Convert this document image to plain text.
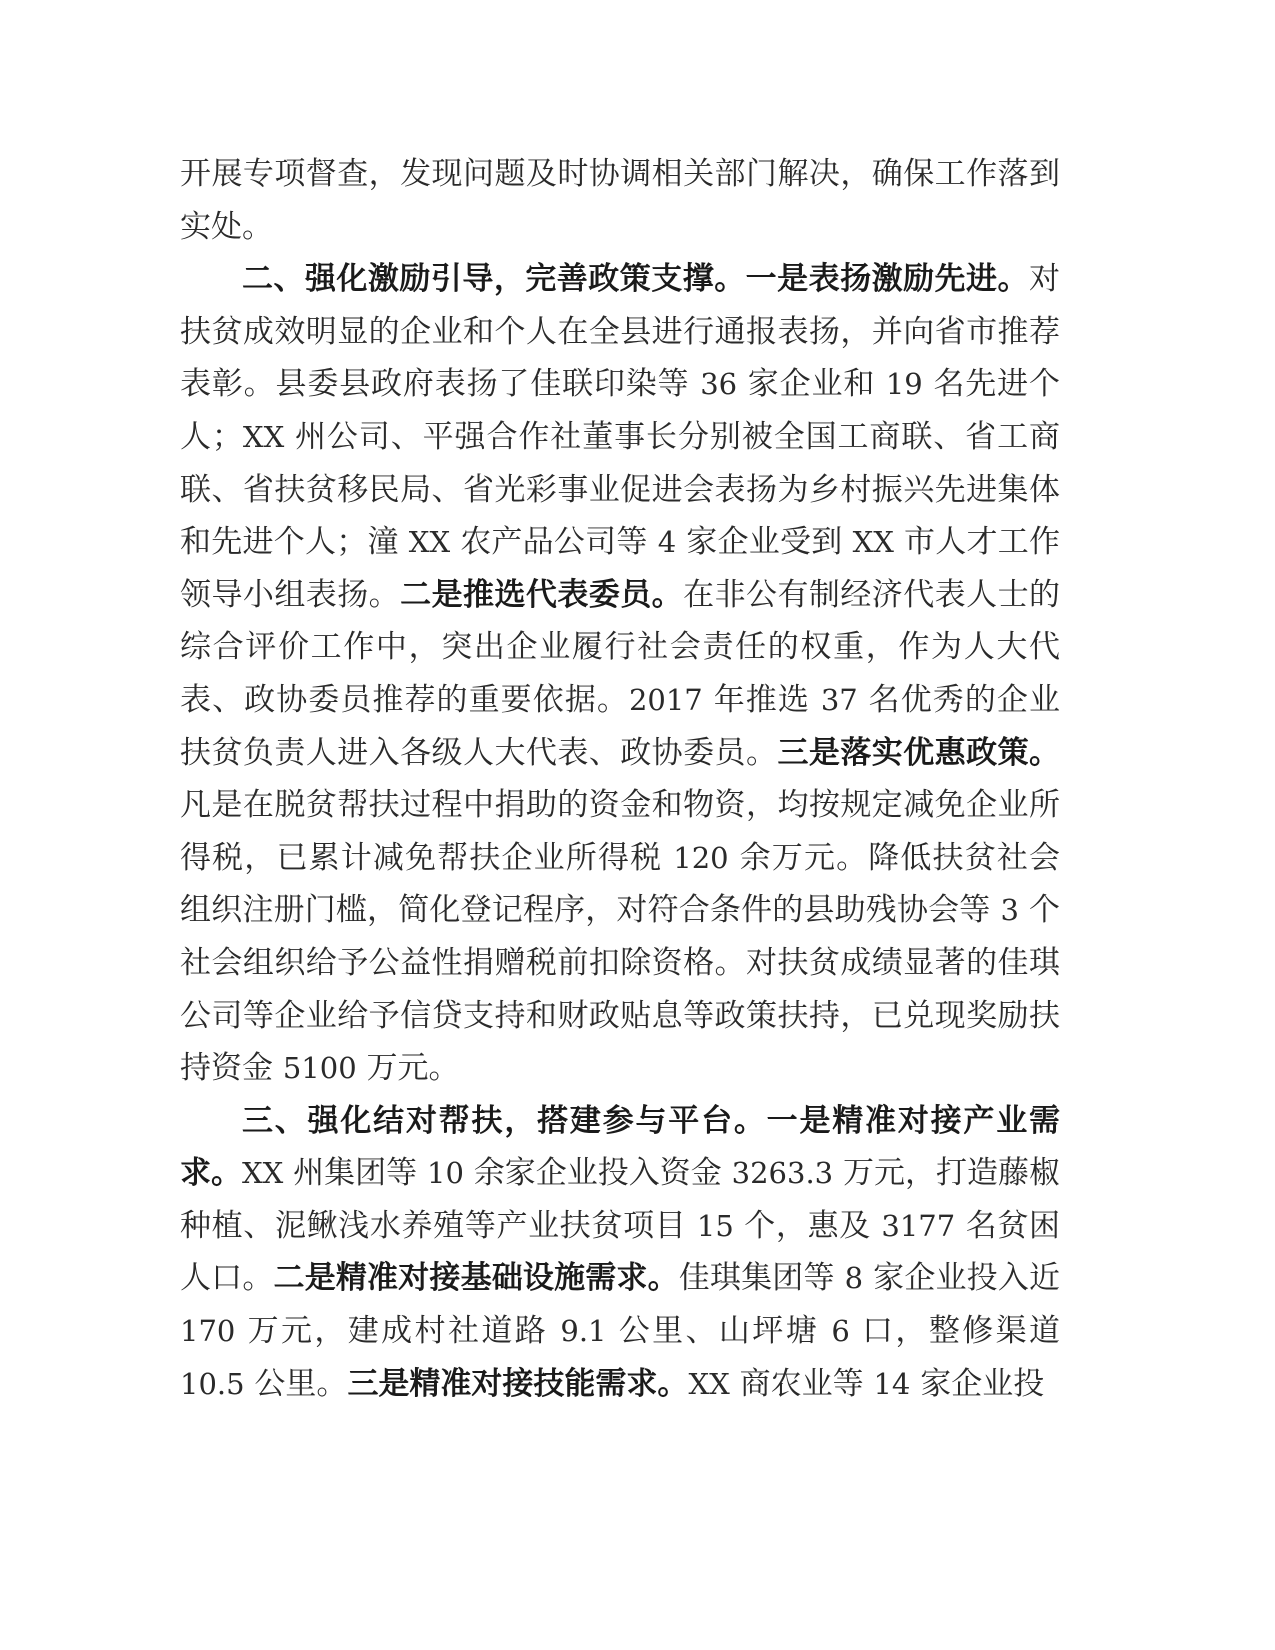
开展专项督查，发现问题及时协调相关部门解决，确保工作落到实处。

二、强化激励引导，完善政策支撑。一是表扬激励先进。对扶贫成效明显的企业和个人在全县进行通报表扬，并向省市推荐表彰。县委县政府表扬了佳联印染等 36 家企业和 19 名先进个人；XX 州公司、平强合作社董事长分别被全国工商联、省工商联、省扶贫移民局、省光彩事业促进会表扬为乡村振兴先进集体和先进个人；潼 XX 农产品公司等 4 家企业受到 XX 市人才工作领导小组表扬。二是推选代表委员。在非公有制经济代表人士的综合评价工作中，突出企业履行社会责任的权重，作为人大代表、政协委员推荐的重要依据。2017 年推选 37 名优秀的企业扶贫负责人进入各级人大代表、政协委员。三是落实优惠政策。凡是在脱贫帮扶过程中捐助的资金和物资，均按规定减免企业所得税，已累计减免帮扶企业所得税 120 余万元。降低扶贫社会组织注册门槛，简化登记程序，对符合条件的县助残协会等 3 个社会组织给予公益性捐赠税前扣除资格。对扶贫成绩显著的佳琪公司等企业给予信贷支持和财政贴息等政策扶持，已兑现奖励扶持资金 5100 万元。

三、强化结对帮扶，搭建参与平台。一是精准对接产业需求。XX 州集团等 10 余家企业投入资金 3263.3 万元，打造藤椒种植、泥鳅浅水养殖等产业扶贫项目 15 个，惠及 3177 名贫困人口。二是精准对接基础设施需求。佳琪集团等 8 家企业投入近 170 万元，建成村社道路 9.1 公里、山坪塘 6 口，整修渠道 10.5 公里。三是精准对接技能需求。XX 商农业等 14 家企业投
